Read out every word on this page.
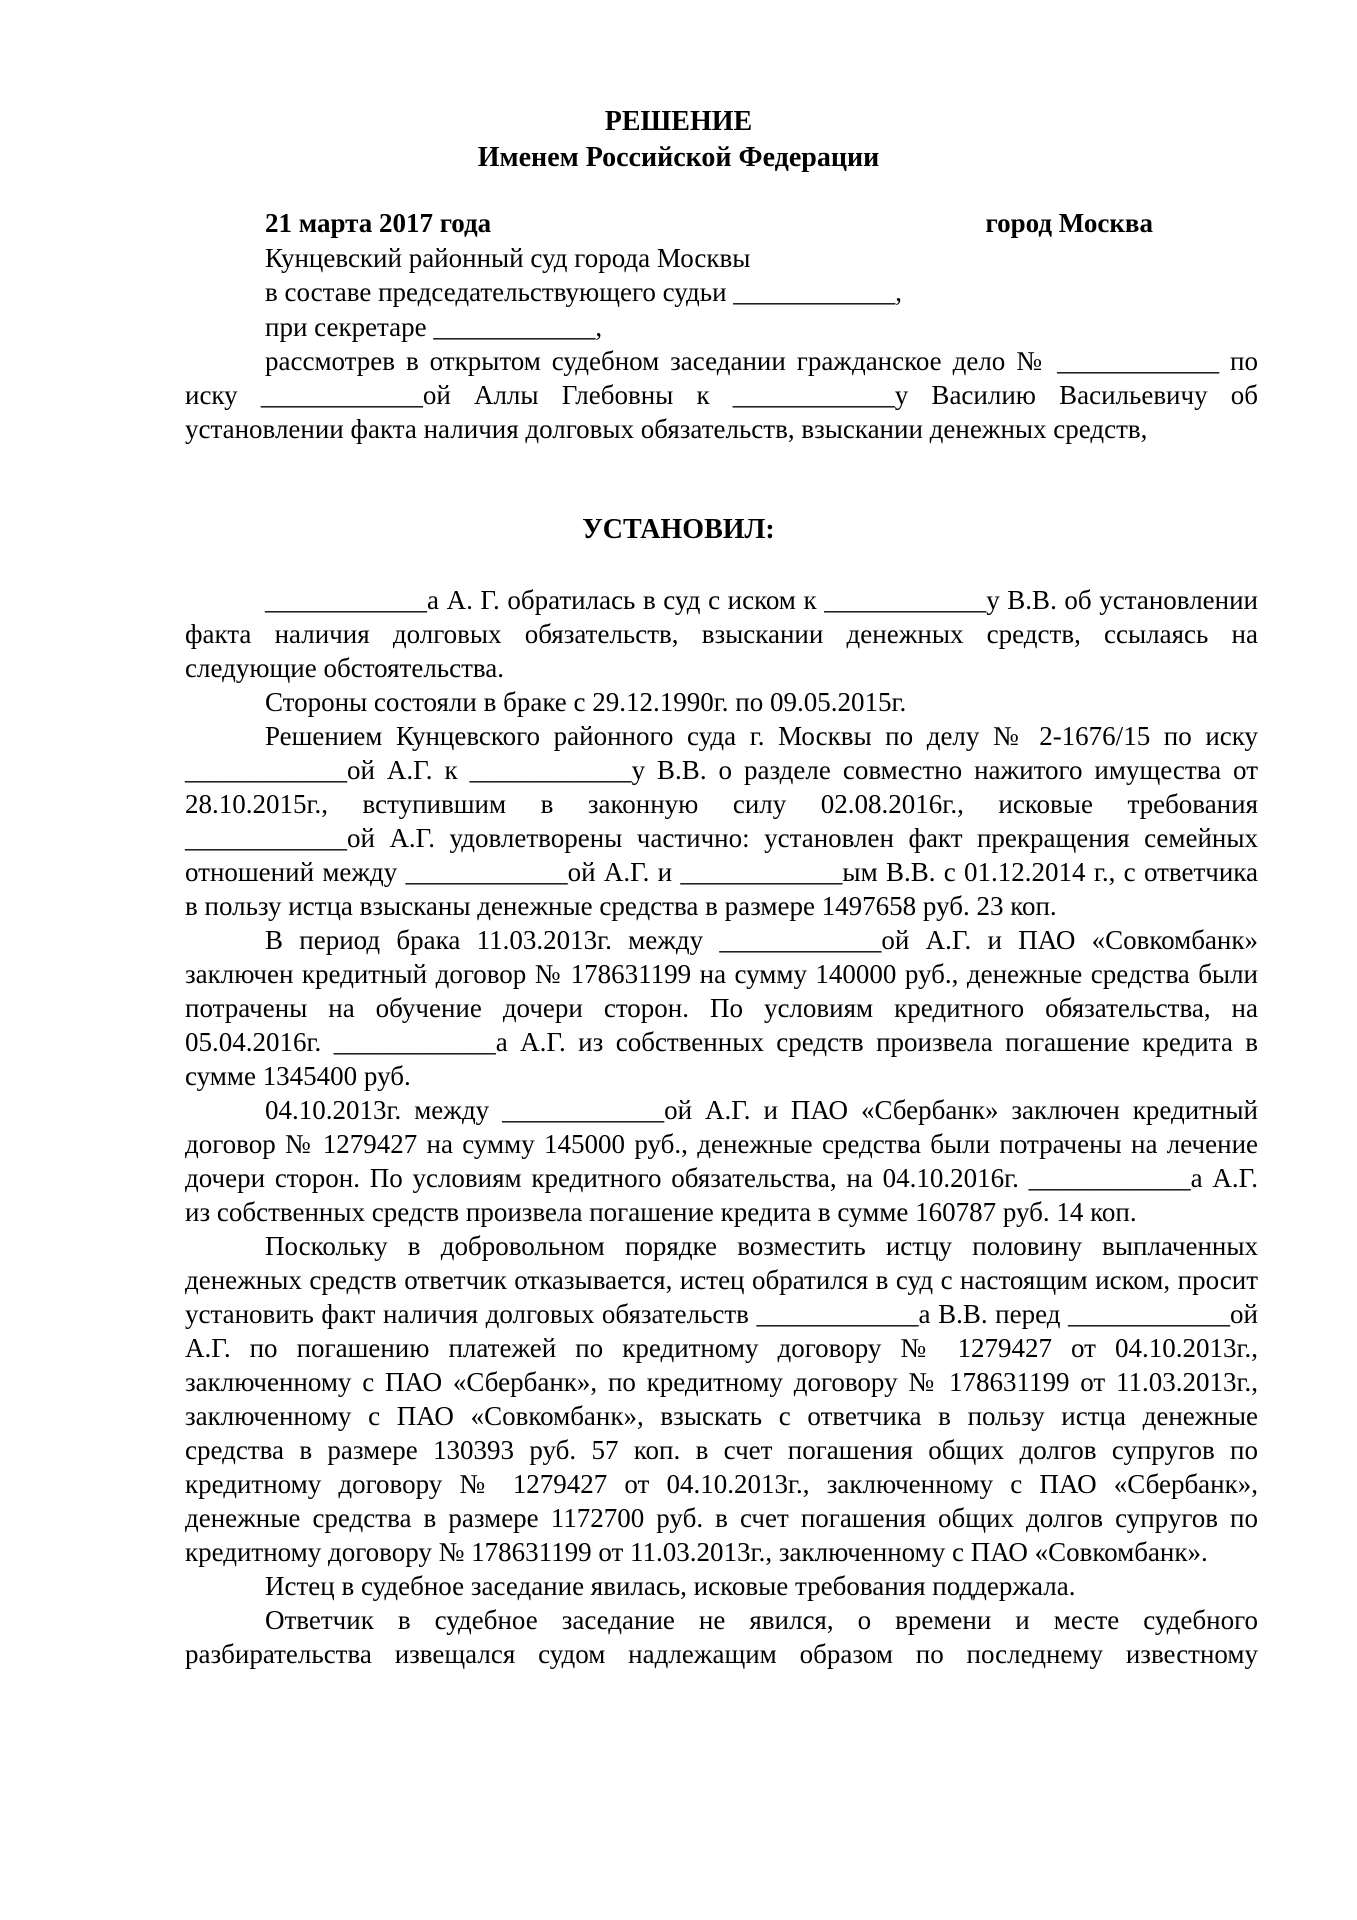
РЕШЕНИЕ

Именем Российской Федерации

21 марта 2017 года	город Москва

Кунцевский районный суд города Москвы

в составе председательствующего судьи ____________,

при секретаре ____________,

рассмотрев в открытом судебном заседании гражданское дело № ____________ по иску ____________ой Аллы Глебовны к ____________у Василию Васильевичу об установлении факта наличия долговых обязательств, взыскании денежных средств,

УСТАНОВИЛ:

____________а А. Г. обратилась в суд с иском к ____________у В.В. об установлении факта наличия долговых обязательств, взыскании денежных средств, ссылаясь на следующие обстоятельства.

Стороны состояли в браке с 29.12.1990г. по 09.05.2015г.

Решением Кунцевского районного суда г. Москвы по делу № 2-1676/15 по иску ____________ой А.Г. к ____________у В.В. о разделе совместно нажитого имущества от 28.10.2015г., вступившим в законную силу 02.08.2016г., исковые требования ____________ой А.Г. удовлетворены частично: установлен факт прекращения семейных отношений между ____________ой А.Г. и ____________ым В.В. с 01.12.2014 г., с ответчика в пользу истца взысканы денежные средства в размере 1497658 руб. 23 коп.

В период брака 11.03.2013г. между ____________ой А.Г. и ПАО «Совкомбанк» заключен кредитный договор № 178631199 на сумму 140000 руб., денежные средства были потрачены на обучение дочери сторон. По условиям кредитного обязательства, на 05.04.2016г. ____________а А.Г. из собственных средств произвела погашение кредита в сумме 1345400 руб.

04.10.2013г. между ____________ой А.Г. и ПАО «Сбербанк» заключен кредитный договор № 1279427 на сумму 145000 руб., денежные средства были потрачены на лечение дочери сторон. По условиям кредитного обязательства, на 04.10.2016г. ____________а А.Г. из собственных средств произвела погашение кредита в сумме 160787 руб. 14 коп.

Поскольку в добровольном порядке возместить истцу половину выплаченных денежных средств ответчик отказывается, истец обратился в суд с настоящим иском, просит установить факт наличия долговых обязательств ____________а В.В. перед ____________ой А.Г. по погашению платежей по кредитному договору № 1279427 от 04.10.2013г., заключенному с ПАО «Сбербанк», по кредитному договору № 178631199 от 11.03.2013г., заключенному с ПАО «Совкомбанк», взыскать с ответчика в пользу истца денежные средства в размере 130393 руб. 57 коп. в счет погашения общих долгов супругов по кредитному договору № 1279427 от 04.10.2013г., заключенному с ПАО «Сбербанк», денежные средства в размере 1172700 руб. в счет погашения общих долгов супругов по кредитному договору № 178631199 от 11.03.2013г., заключенному с ПАО «Совкомбанк».

Истец в судебное заседание явилась, исковые требования поддержала.

Ответчик в судебное заседание не явился, о времени и месте судебного разбирательства извещался судом надлежащим образом по последнему известному
